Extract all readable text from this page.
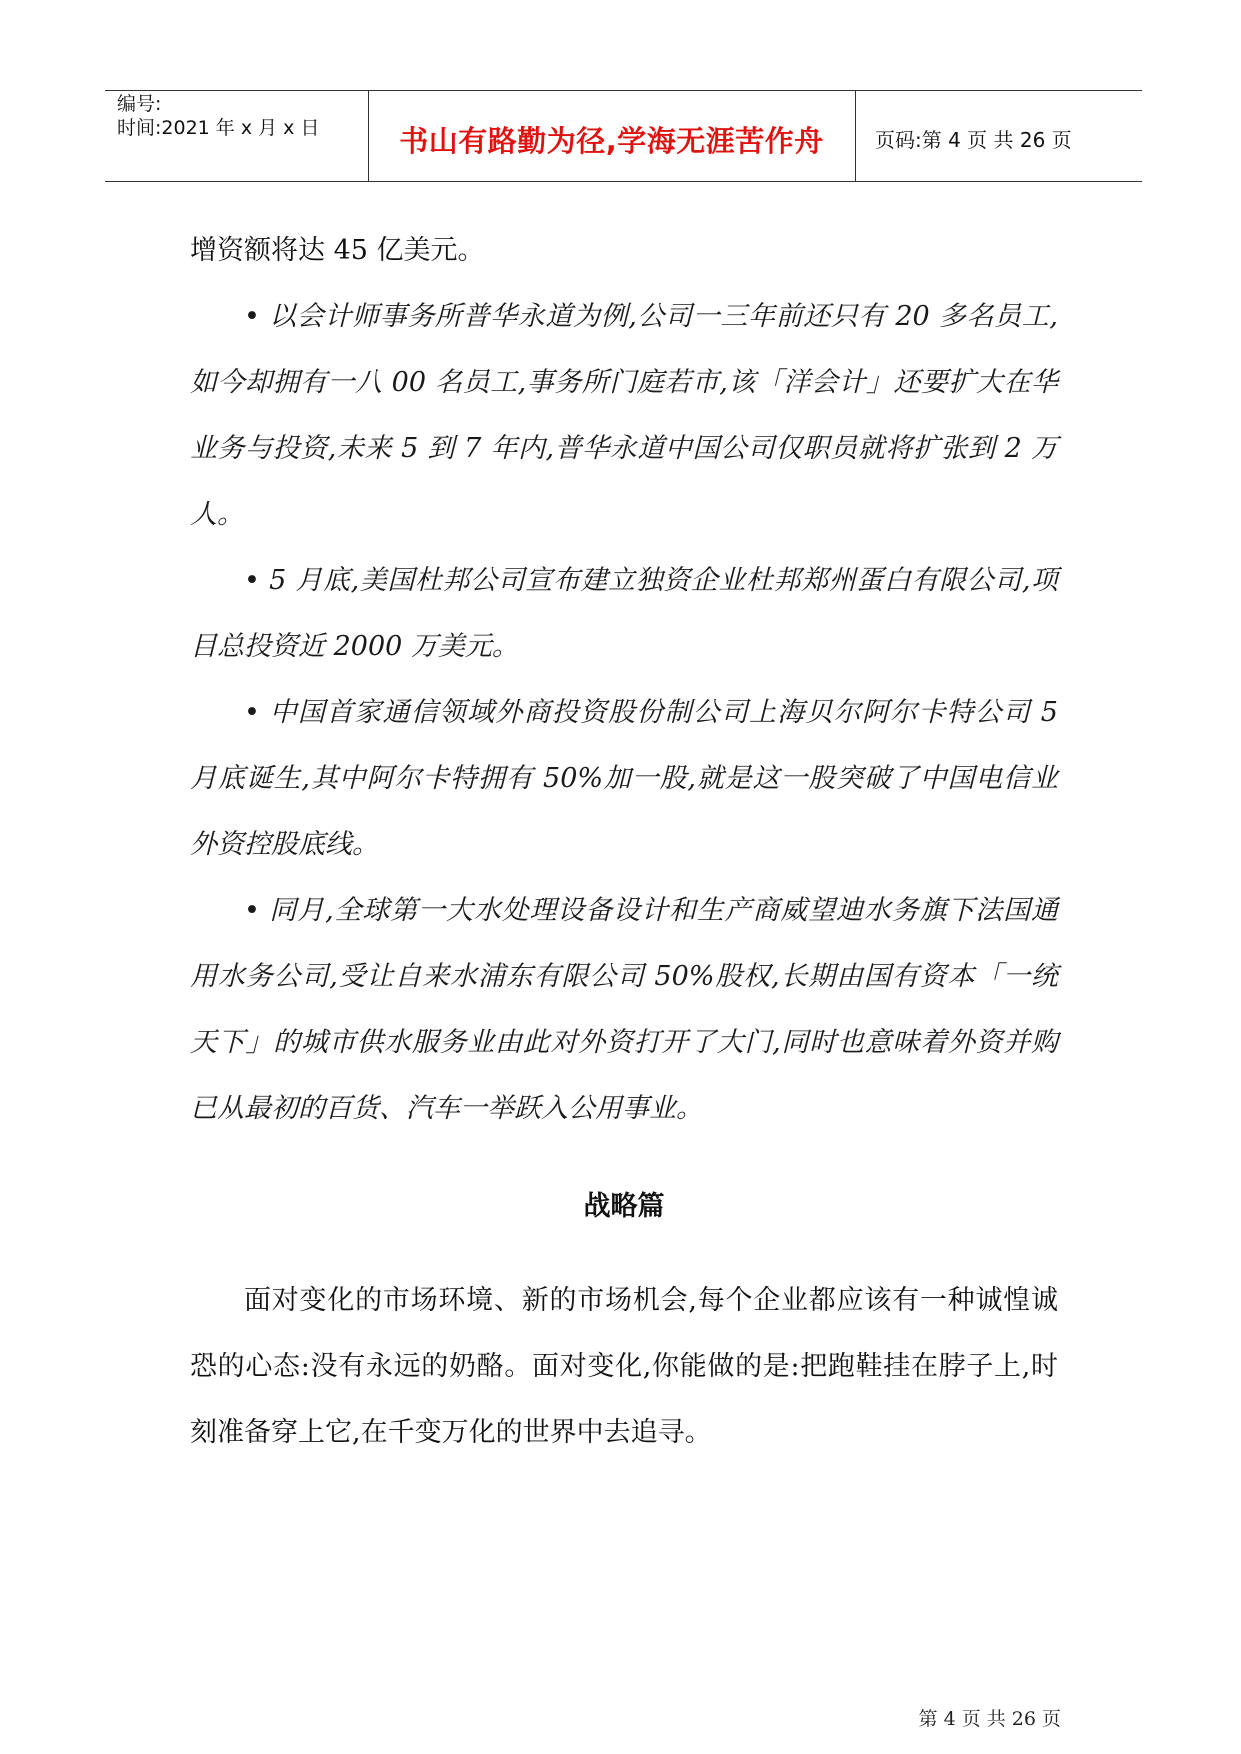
编号:
时间:2021 年 x 月 x 日	书山有路勤为径,学海无涯苦作舟	页码:第 4 页 共 26 页

增资额将达 45 亿美元。

• 以会计师事务所普华永道为例,公司一三年前还只有 20 多名员工,如今却拥有一八 00 名员工,事务所门庭若市,该「洋会计」还要扩大在华业务与投资,未来 5 到 7 年内,普华永道中国公司仅职员就将扩张到 2 万人。

• 5 月底,美国杜邦公司宣布建立独资企业杜邦郑州蛋白有限公司,项目总投资近 2000 万美元。

• 中国首家通信领域外商投资股份制公司上海贝尔阿尔卡特公司 5 月底诞生,其中阿尔卡特拥有 50%加一股,就是这一股突破了中国电信业外资控股底线。

• 同月,全球第一大水处理设备设计和生产商威望迪水务旗下法国通用水务公司,受让自来水浦东有限公司 50%股权,长期由国有资本「一统天下」的城市供水服务业由此对外资打开了大门,同时也意味着外资并购已从最初的百货、汽车一举跃入公用事业。

战略篇

面对变化的市场环境、新的市场机会,每个企业都应该有一种诚惶诚恐的心态:没有永远的奶酪。面对变化,你能做的是:把跑鞋挂在脖子上,时刻准备穿上它,在千变万化的世界中去追寻。

第 4 页 共 26 页
